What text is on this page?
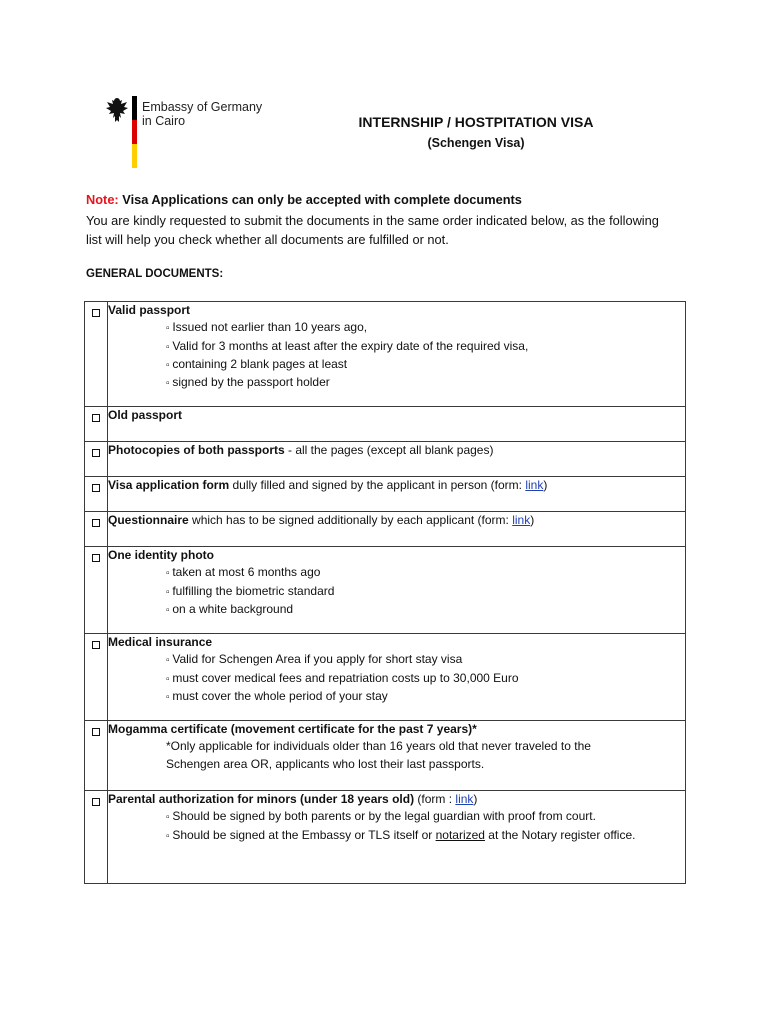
Embassy of Germany
in Cairo	INTERNSHIP / HOSTPITATION VISA
(Schengen Visa)
Note: Visa Applications can only be accepted with complete documents
You are kindly requested to submit the documents in the same order indicated below, as the following list will help you check whether all documents are fulfilled or not.
GENERAL DOCUMENTS:

	Valid passport
▫ Issued not earlier than 10 years ago,
▫ Valid for 3 months at least after the expiry date of the required visa,
▫ containing 2 blank pages at least
▫ signed by the passport holder

	Old passport

	Photocopies of both passports - all the pages (except all blank pages)

	Visa application form dully filled and signed by the applicant in person (form: link)

	Questionnaire which has to be signed additionally by each applicant (form: link)

	One identity photo
▫ taken at most 6 months ago
▫ fulfilling the biometric standard
▫ on a white background

	Medical insurance
▫ Valid for Schengen Area if you apply for short stay visa
▫ must cover medical fees and repatriation costs up to 30,000 Euro
▫ must cover the whole period of your stay

	Mogamma certificate (movement certificate for the past 7 years)*
*Only applicable for individuals older than 16 years old that never traveled to the
Schengen area OR, applicants who lost their last passports.

	Parental authorization for minors (under 18 years old) (form : link)
▫ Should be signed by both parents or by the legal guardian with proof from court.
▫ Should be signed at the Embassy or TLS itself or notarized at the Notary register office.
